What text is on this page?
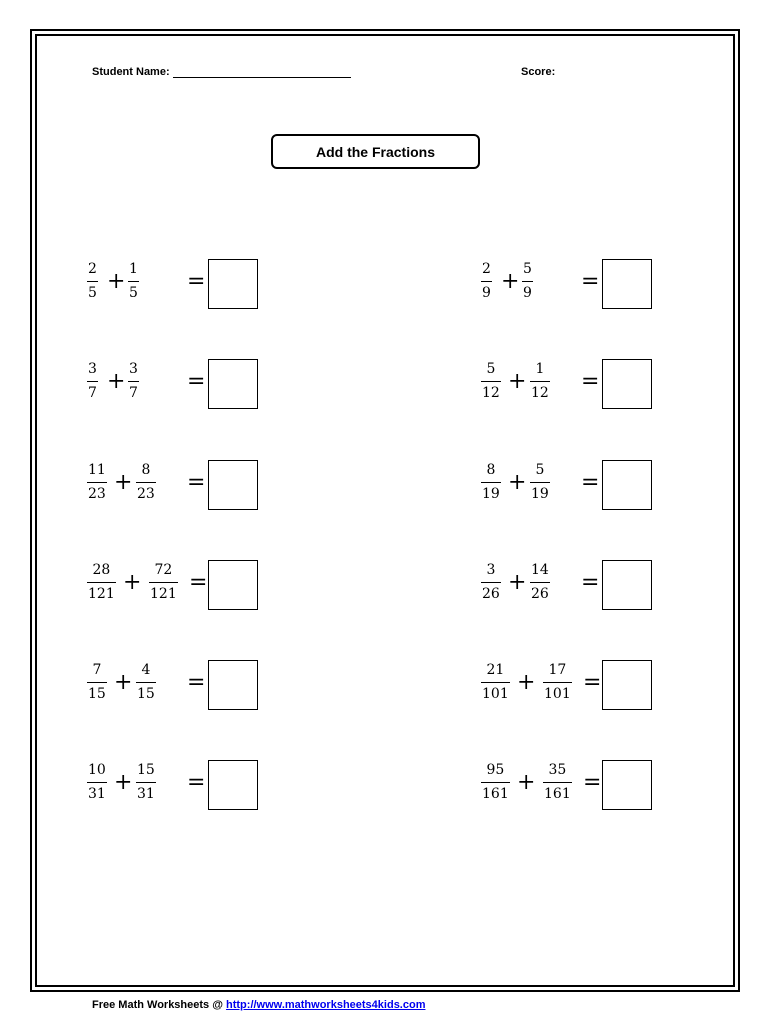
Student Name:	Score:
Add the Fractions
2
5 + 1
5 =	2
9 + 5
9 =
3
7 + 3
7 =	5
12 + 1
12 =
11
23 + 8
23 =	8
19 + 5
19 =
28
121 + 72
121 =	3
26 + 14
26 =
7
15 + 4
15 =	21
101 + 17
101 =
10
31 + 15
31 =	95
161 + 35
161 =
Free Math Worksheets @ http://www.mathworksheets4kids.com
